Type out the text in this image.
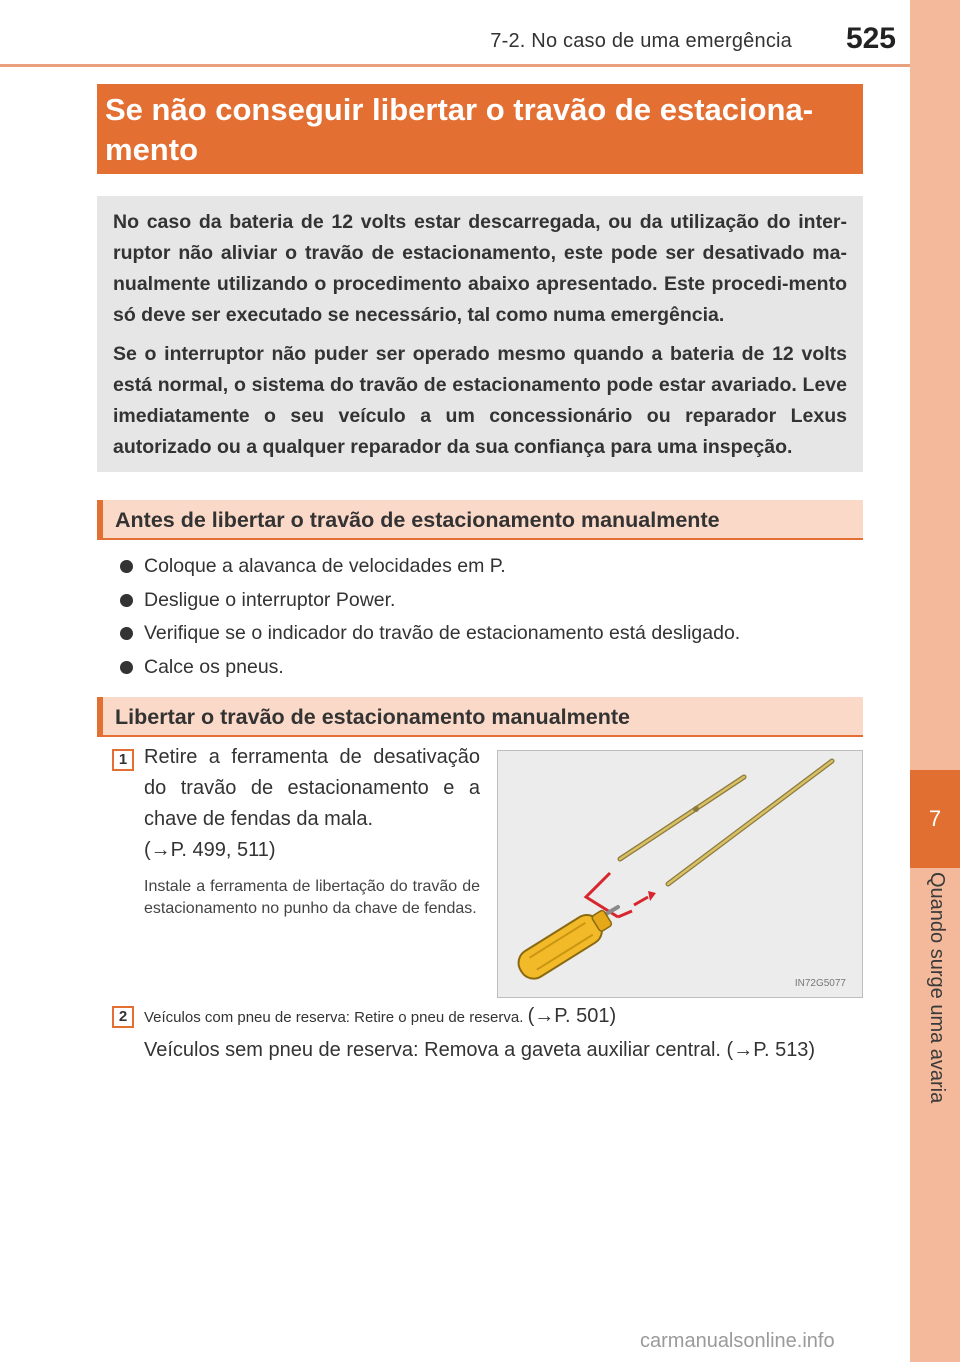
7-2. No caso de uma emergência	525
7
Quando surge uma avaria
Se não conseguir libertar o travão de estaciona-
mento

No caso da bateria de 12 volts estar descarregada, ou da utilização do inter-ruptor não aliviar o travão de estacionamento, este pode ser desativado ma-nualmente utilizando o procedimento abaixo apresentado. Este procedi-mento só deve ser executado se necessário, tal como numa emergência.

Se o interruptor não puder ser operado mesmo quando a bateria de 12 volts está normal, o sistema do travão de estacionamento pode estar avariado. Leve imediatamente o seu veículo a um concessionário ou reparador Lexus autorizado ou a qualquer reparador da sua confiança para uma inspeção.

Antes de libertar o travão de estacionamento manualmente
Coloque a alavanca de velocidades em P.
Desligue o interruptor Power.
Verifique se o indicador do travão de estacionamento está desligado.
Calce os pneus.
Libertar o travão de estacionamento manualmente
1 Retire a ferramenta de desativação do travão de estacionamento e a chave de fendas da mala.
(→P. 499, 511)
Instale a ferramenta de libertação do travão de estacionamento no punho da chave de fendas.
IN72G5077
2	Veículos com pneu de reserva: Retire o pneu de reserva. (→P. 501)
Veículos sem pneu de reserva: Remova a gaveta auxiliar central. (→P. 513)
carmanualsonline.info
